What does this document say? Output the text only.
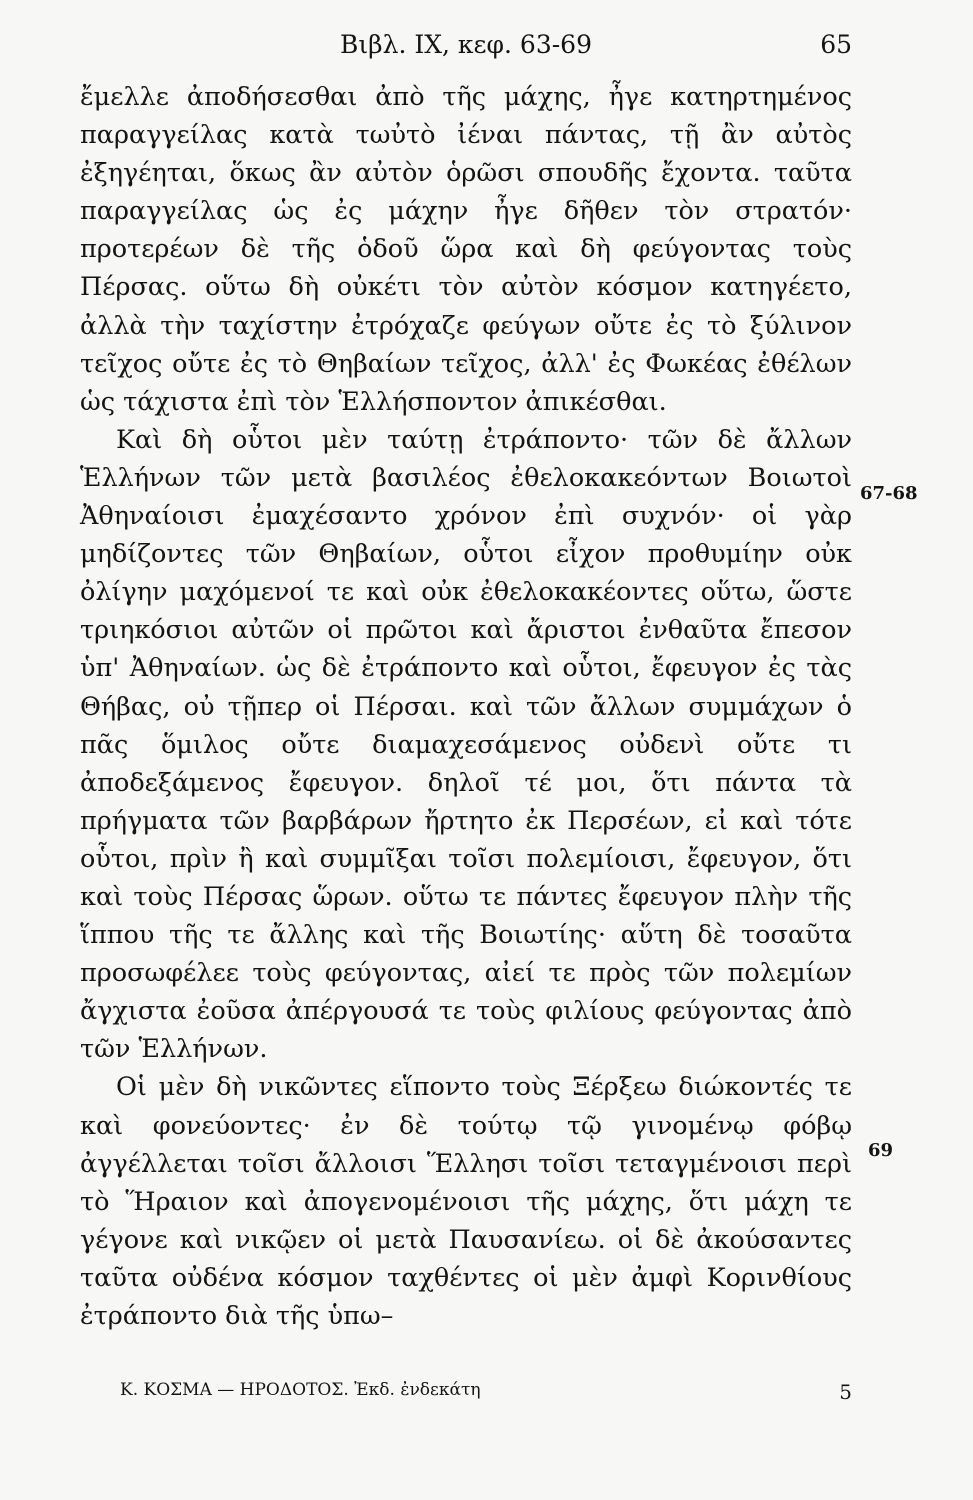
Βιβλ. ΙΧ, κεφ. 63-69	65

ἔμελλε ἀποδήσεσθαι ἀπὸ τῆς μάχης, ἦγε κατηρτημένος παραγγείλας κατὰ τωὐτὸ ἰέναι πάντας, τῇ ἂν αὐτὸς ἐξηγέηται, ὅκως ἂν αὐτὸν ὁρῶσι σπουδῆς ἔχοντα. ταῦτα παραγγείλας ὡς ἐς μάχην ἦγε δῆθεν τὸν στρατόν· προτερέων δὲ τῆς ὁδοῦ ὥρα καὶ δὴ φεύγοντας τοὺς Πέρσας. οὕτω δὴ οὐκέτι τὸν αὐτὸν κόσμον κατηγέετο, ἀλλὰ τὴν ταχίστην ἐτρόχαζε φεύγων οὔτε ἐς τὸ ξύλινον τεῖχος οὔτε ἐς τὸ Θηβαίων τεῖχος, ἀλλ' ἐς Φωκέας ἐθέλων ὡς τάχιστα ἐπὶ τὸν Ἑλλήσποντον ἀπικέσθαι.

Καὶ δὴ οὗτοι μὲν ταύτῃ ἐτράποντο· τῶν δὲ ἄλλων Ἑλλήνων τῶν μετὰ βασιλέος ἐθελοκακεόντων Βοιωτοὶ Ἀθηναίοισι ἐμαχέσαντο χρόνον ἐπὶ συχνόν· οἱ γὰρ μηδίζοντες τῶν Θηβαίων, οὗτοι εἶχον προθυμίην οὐκ ὀλίγην μαχόμενοί τε καὶ οὐκ ἐθελοκακέοντες οὕτω, ὥστε τριηκόσιοι αὐτῶν οἱ πρῶτοι καὶ ἄριστοι ἐνθαῦτα ἔπεσον ὑπ' Ἀθηναίων. ὡς δὲ ἐτράποντο καὶ οὗτοι, ἔφευγον ἐς τὰς Θήβας, οὐ τῇπερ οἱ Πέρσαι. καὶ τῶν ἄλλων συμμάχων ὁ πᾶς ὅμιλος οὔτε διαμαχεσάμενος οὐδενὶ οὔτε τι ἀποδεξάμενος ἔφευγον. δηλοῖ τέ μοι, ὅτι πάντα τὰ πρήγματα τῶν βαρβάρων ἤρτητο ἐκ Περσέων, εἰ καὶ τότε οὗτοι, πρὶν ἢ καὶ συμμῖξαι τοῖσι πολεμίοισι, ἔφευγον, ὅτι καὶ τοὺς Πέρσας ὥρων. οὕτω τε πάντες ἔφευγον πλὴν τῆς ἵππου τῆς τε ἄλλης καὶ τῆς Βοιωτίης· αὕτη δὲ τοσαῦτα προσωφέλεε τοὺς φεύγοντας, αἰεί τε πρὸς τῶν πολεμίων ἄγχιστα ἐοῦσα ἀπέργουσά τε τοὺς φιλίους φεύγοντας ἀπὸ τῶν Ἑλλήνων.

Οἱ μὲν δὴ νικῶντες εἵποντο τοὺς Ξέρξεω διώκοντές τε καὶ φονεύοντες· ἐν δὲ τούτῳ τῷ γινομένῳ φόβῳ ἀγγέλλεται τοῖσι ἄλλοισι Ἕλλησι τοῖσι τεταγμένοισι περὶ τὸ Ἥραιον καὶ ἀπογενομένοισι τῆς μάχης, ὅτι μάχη τε γέγονε καὶ νικῷεν οἱ μετὰ Παυσανίεω. οἱ δὲ ἀκούσαντες ταῦτα οὐδένα κόσμον ταχθέντες οἱ μὲν ἀμφὶ Κορινθίους ἐτράποντο διὰ τῆς ὑπω–

67-68
69
Κ. ΚΟΣΜΑ — ΗΡΟΔΟΤΟΣ. Ἐκδ. ἐνδεκάτη	5
